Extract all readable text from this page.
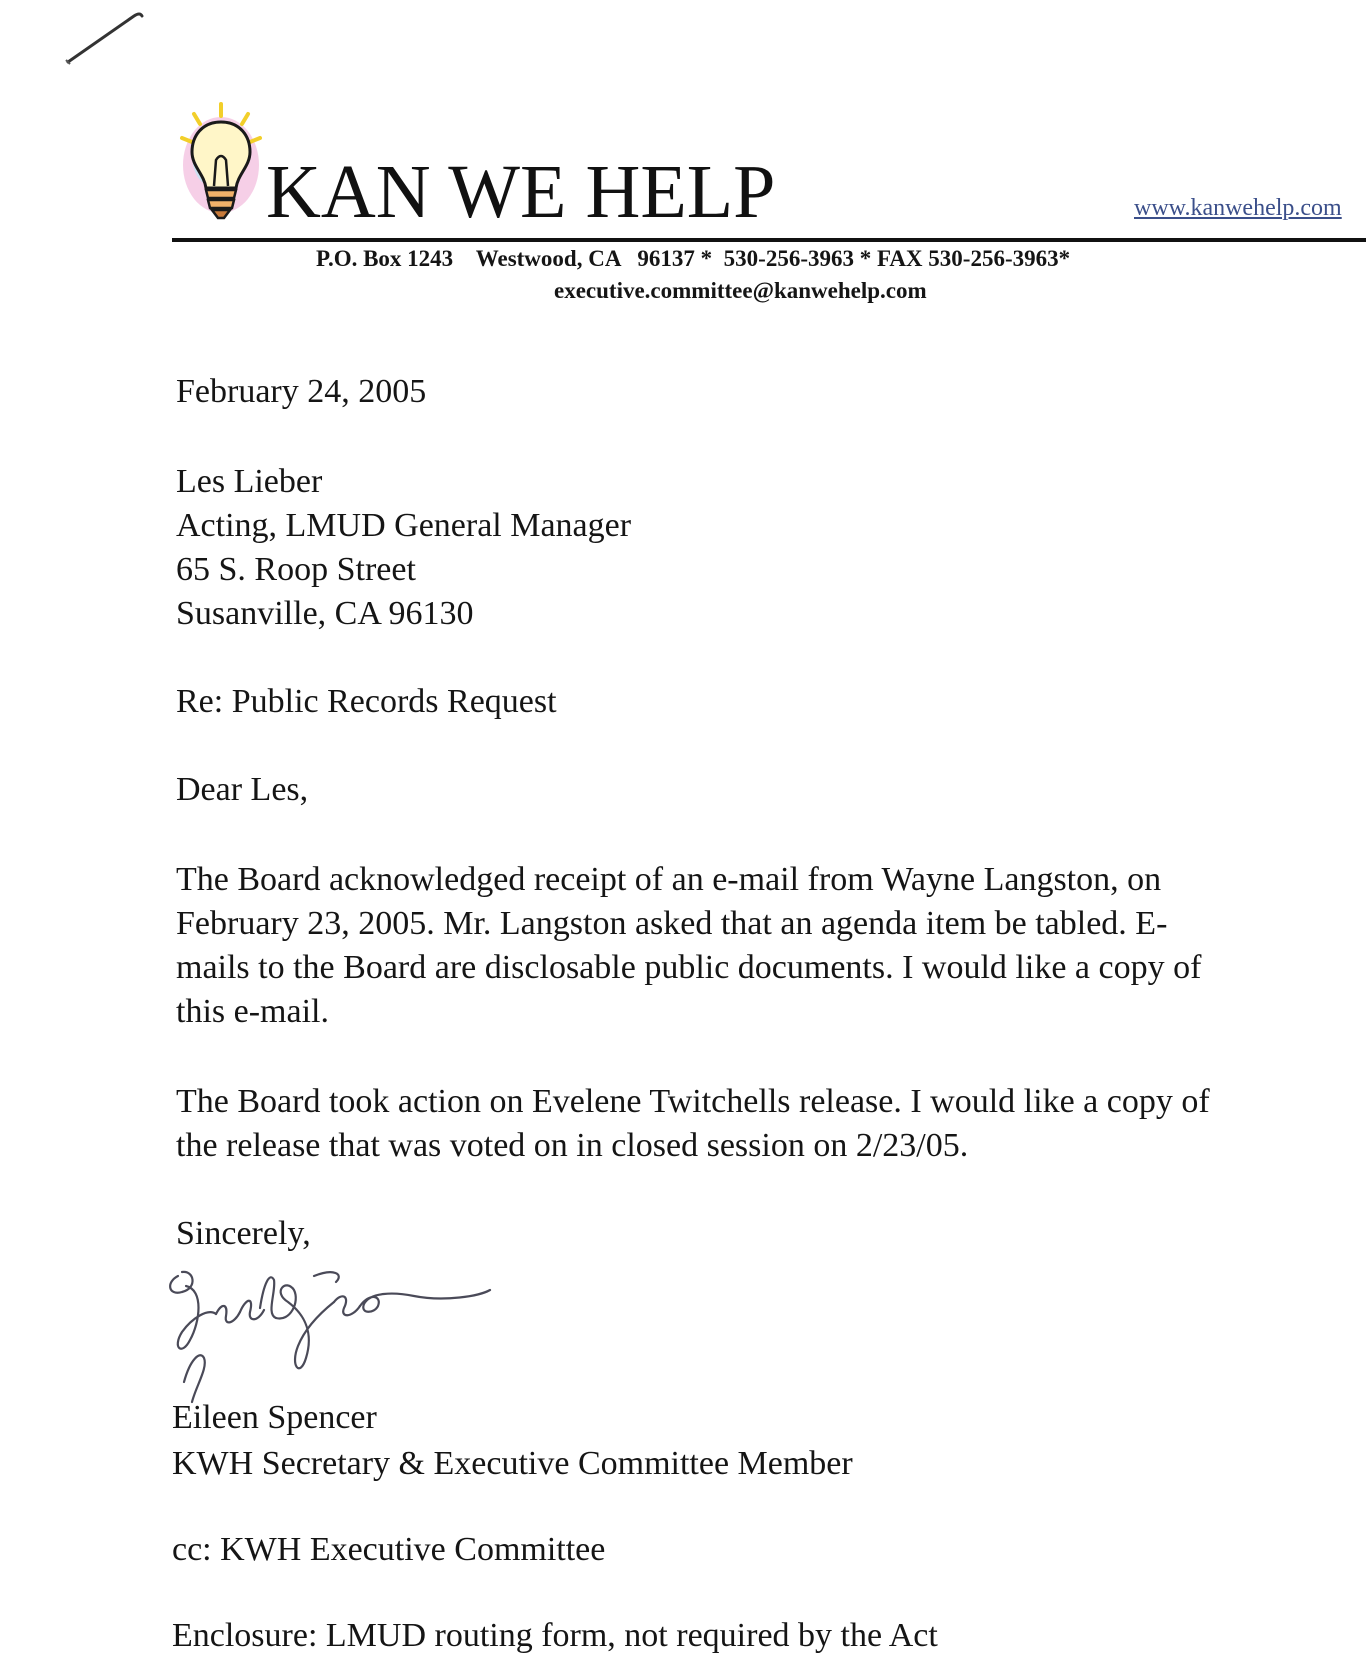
KAN WE HELP	www.kanwehelp.com
P.O. Box 1243    Westwood, CA   96137 *  530-256-3963 * FAX 530-256-3963*
executive.committee@kanwehelp.com
February 24, 2005
Les Lieber
Acting, LMUD General Manager
65 S. Roop Street
Susanville, CA 96130
Re: Public Records Request
Dear Les,
The Board acknowledged receipt of an e-mail from Wayne Langston, on
February 23, 2005. Mr. Langston asked that an agenda item be tabled. E-
mails to the Board are disclosable public documents. I would like a copy of
this e-mail.
The Board took action on Evelene Twitchells release. I would like a copy of
the release that was voted on in closed session on 2/23/05.
Sincerely,
Eileen Spencer
KWH Secretary & Executive Committee Member
cc: KWH Executive Committee
Enclosure: LMUD routing form, not required by the Act
